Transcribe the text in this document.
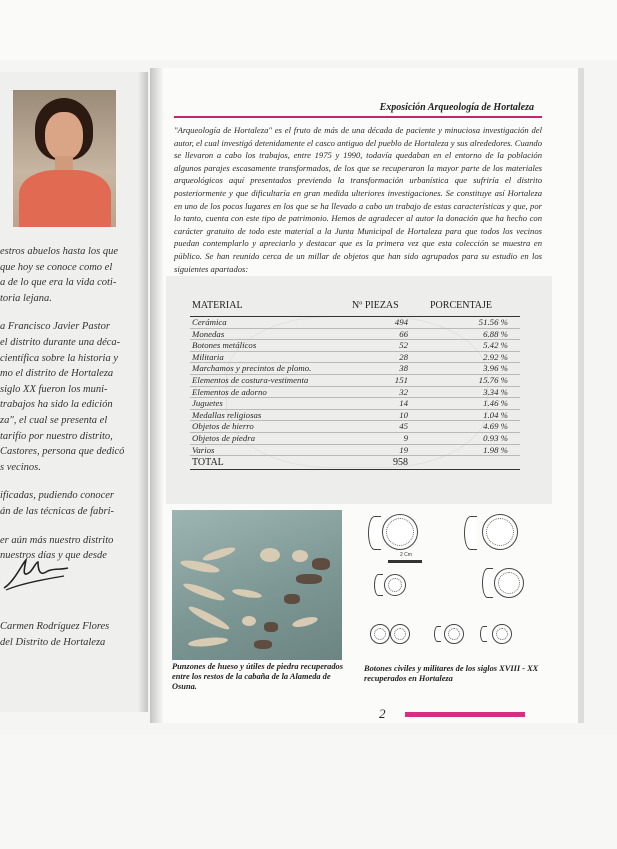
estros abuelos hasta los que
que hoy se conoce como el
a de lo que era la vida coti-
toria lejana.

a Francisco Javier Pastor
el distrito durante una déca-
científica sobre la historia y
mo el distrito de Hortaleza
siglo XX fueron los muni-
trabajos ha sido la edición
za", el cual se presenta el
tarifío por nuestro distrito,
Castores, persona que dedicó
s vecinos.

ificadas, pudiendo conocer
án de las técnicas de fabri-

er aún más nuestro distrito
nuestros días y que desde

Carmen Rodríguez Flores
del Distrito de Hortaleza
Exposición Arqueología de Hortaleza
"Arqueología de Hortaleza" es el fruto de más de una década de paciente y minuciosa investigación del autor, el cual investigó detenidamente el casco antiguo del pueblo de Hortaleza y sus alrededores. Cuando se llevaron a cabo los trabajos, entre 1975 y 1990, todavía quedaban en el entorno de la población algunos parajes escasamente transformados, de los que se recuperaron la mayor parte de los materiales arqueológicos aquí presentados previendo la transformación urbanística que sufriría el distrito posteriormente y que dificultaría en gran medida ulteriores investigaciones. Se constituye así Hortaleza en uno de los pocos lugares en los que se ha llevado a cabo un trabajo de estas características y que, por lo tanto, cuenta con este tipo de patrimonio. Hemos de agradecer al autor la donación que ha hecho con carácter gratuito de todo este material a la Junta Municipal de Hortaleza para que todos los vecinos puedan contemplarlo y apreciarlo y destacar que es la primera vez que esta colección se muestra en público. Se han reunido cerca de un millar de objetos que han sido agrupados para su estudio en los siguientes apartados:
MATERIAL	Nº PIEZAS	PORCENTAJE
Cerámica	494	51.56 %
Monedas	66	6.88 %
Botones metálicos	52	5.42 %
Militaria	28	2.92 %
Marchamos y precintos de plomo.	38	3.96 %
Elementos de costura-vestimenta	151	15.76 %
Elementos de adorno	32	3.34 %
Juguetes	14	1.46 %
Medallas religiosas	10	1.04 %
Objetos de hierro	45	4.69 %
Objetos de piedra	9	0.93 %
Varios	19	1.98 %
TOTAL	958
2 Cm
Punzones de hueso y útiles de piedra recuperados entre los restos de la cabaña de la Alameda de Osuna.
Botones civiles y militares de los siglos XVIII - XX recuperados en Hortaleza
2
